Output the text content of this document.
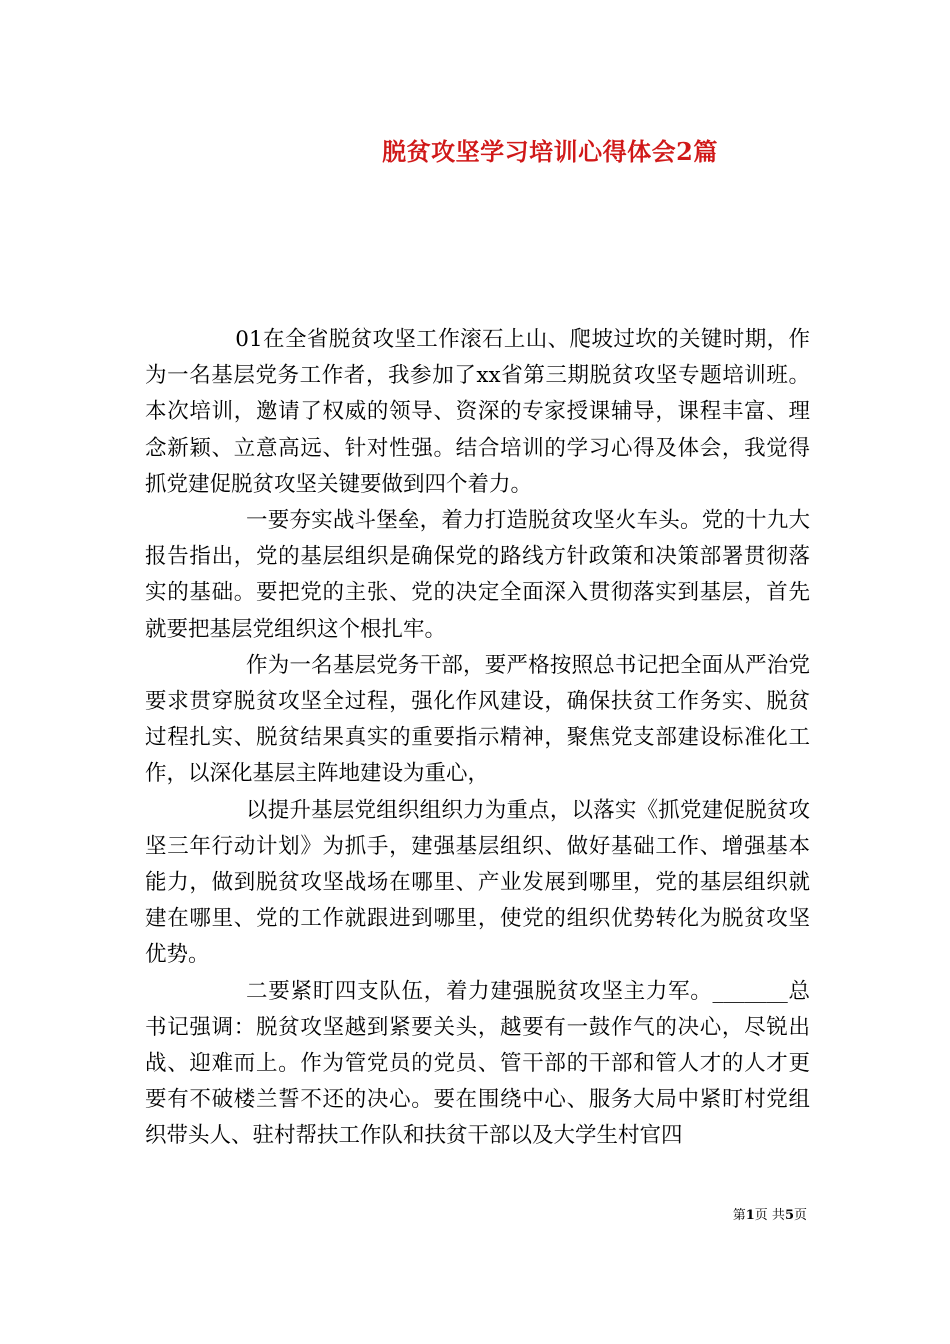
脱贫攻坚学习培训心得体会2篇

01在全省脱贫攻坚工作滚石上山、爬坡过坎的关键时期，作为一名基层党务工作者，我参加了xx省第三期脱贫攻坚专题培训班。本次培训，邀请了权威的领导、资深的专家授课辅导，课程丰富、理念新颖、立意高远、针对性强。结合培训的学习心得及体会，我觉得抓党建促脱贫攻坚关键要做到四个着力。

一要夯实战斗堡垒，着力打造脱贫攻坚火车头。党的十九大报告指出，党的基层组织是确保党的路线方针政策和决策部署贯彻落实的基础。要把党的主张、党的决定全面深入贯彻落实到基层，首先就要把基层党组织这个根扎牢。

作为一名基层党务干部，要严格按照总书记把全面从严治党要求贯穿脱贫攻坚全过程，强化作风建设，确保扶贫工作务实、脱贫过程扎实、脱贫结果真实的重要指示精神，聚焦党支部建设标准化工作，以深化基层主阵地建设为重心，

以提升基层党组织组织力为重点，以落实《抓党建促脱贫攻坚三年行动计划》为抓手，建强基层组织、做好基础工作、增强基本能力，做到脱贫攻坚战场在哪里、产业发展到哪里，党的基层组织就建在哪里、党的工作就跟进到哪里，使党的组织优势转化为脱贫攻坚优势。

二要紧盯四支队伍，着力建强脱贫攻坚主力军。_______总书记强调：脱贫攻坚越到紧要关头，越要有一鼓作气的决心，尽锐出战、迎难而上。作为管党员的党员、管干部的干部和管人才的人才更要有不破楼兰誓不还的决心。要在围绕中心、服务大局中紧盯村党组织带头人、驻村帮扶工作队和扶贫干部以及大学生村官四

第1页 共5页
